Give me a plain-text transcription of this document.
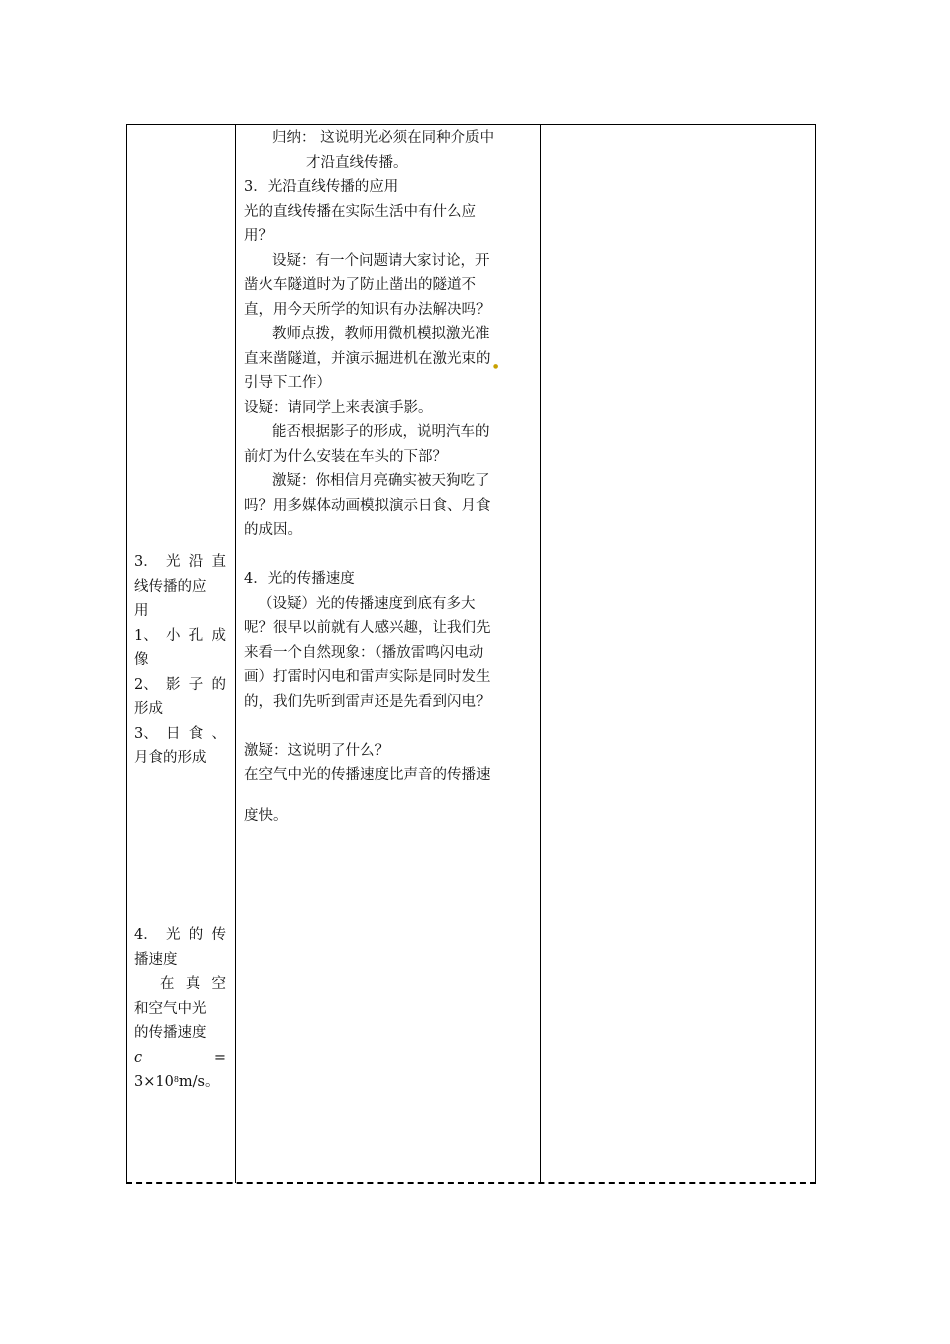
归纳： 这说明光必须在同种介质中
才沿直线传播。
3．光沿直线传播的应用
光的直线传播在实际生活中有什么应
用？
设疑：有一个问题请大家讨论，开
凿火车隧道时为了防止凿出的隧道不
直，用今天所学的知识有办法解决吗？
教师点拨，教师用微机模拟激光准
直来凿隧道，并演示掘进机在激光束的
引导下工作）
设疑：请同学上来表演手影。
能否根据影子的形成，说明汽车的
前灯为什么安装在车头的下部？
激疑：你相信月亮确实被天狗吃了
吗？用多媒体动画模拟演示日食、月食
的成因。
4．光的传播速度
（设疑）光的传播速度到底有多大
呢？很早以前就有人感兴趣，让我们先
来看一个自然现象：（播放雷鸣闪电动
画）打雷时闪电和雷声实际是同时发生
的，我们先听到雷声还是先看到闪电？
激疑：这说明了什么？
在空气中光的传播速度比声音的传播速
度快。
3． 光 沿 直
线传播的应
用
1、 小 孔 成
像
2、 影 子 的
形成
3、 日 食 、
月食的形成
4． 光 的 传
播速度
在 真 空
和空气中光
的传播速度
c	=
$3\times 10^8m/s$。
●
